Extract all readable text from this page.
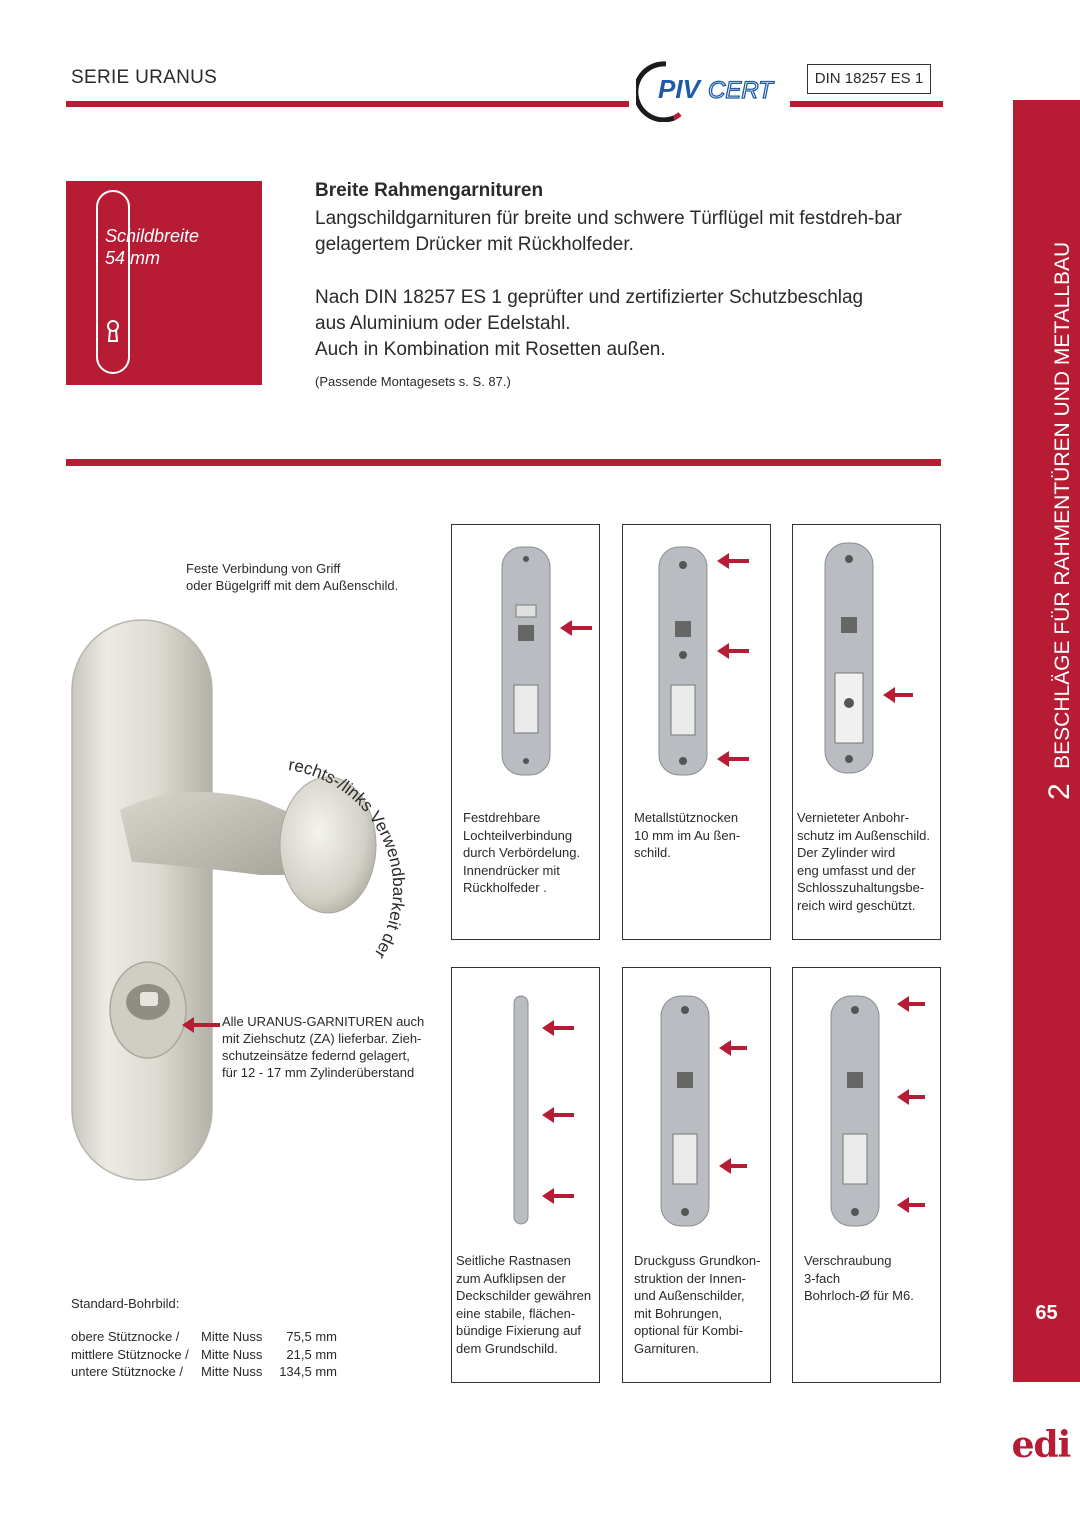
SERIE URANUS	PIV CERT	DIN 18257 ES 1
2 BESCHLÄGE FÜR RAHMENTÜREN UND METALLBAU
65
Schildbreite
54 mm
Breite Rahmengarnituren
Langschildgarnituren für breite und schwere Türflügel mit festdreh-bar gelagertem Drücker mit Rückholfeder.
Nach DIN 18257 ES 1 geprüfter und zertifizierter Schutzbeschlag
aus Aluminium oder Edelstahl.
Auch in Kombination mit Rosetten außen.
(Passende Montagesets s. S. 87.)
Feste Verbindung von Griff
oder Bügelgriff mit dem Außenschild.
rechts-/links Verwendbarkeit der
Alle URANUS-GARNITUREN auch
mit Ziehschutz (ZA) lieferbar. Zieh-
schutzeinsätze federnd gelagert,
für 12 - 17 mm Zylinderüberstand
Standard-Bohrbild:
obere Stütznocke /	Mitte Nuss	75,5 mm
mittlere Stütznocke / Mitte Nuss	21,5 mm
untere Stütznocke /	Mitte Nuss	134,5 mm
Festdrehbare
Lochteilverbindung
durch Verbördelung.
Innendrücker mit
Rückholfeder .
Metallstütznocken
10 mm im Au ßen-
schild.
Vernieteter Anbohr-
schutz im Außenschild.
Der Zylinder wird
eng umfasst und der
Schlosszuhaltungsbe-
reich wird geschützt.
Seitliche Rastnasen
zum Aufklipsen der
Deckschilder gewähren
eine stabile, flächen-
bündige Fixierung auf
dem Grundschild.
Druckguss Grundkon-
struktion der Innen-
und Außenschilder,
mit Bohrungen,
optional für Kombi-
Garnituren.
Verschraubung
3-fach
Bohrloch-Ø für M6.
edi
